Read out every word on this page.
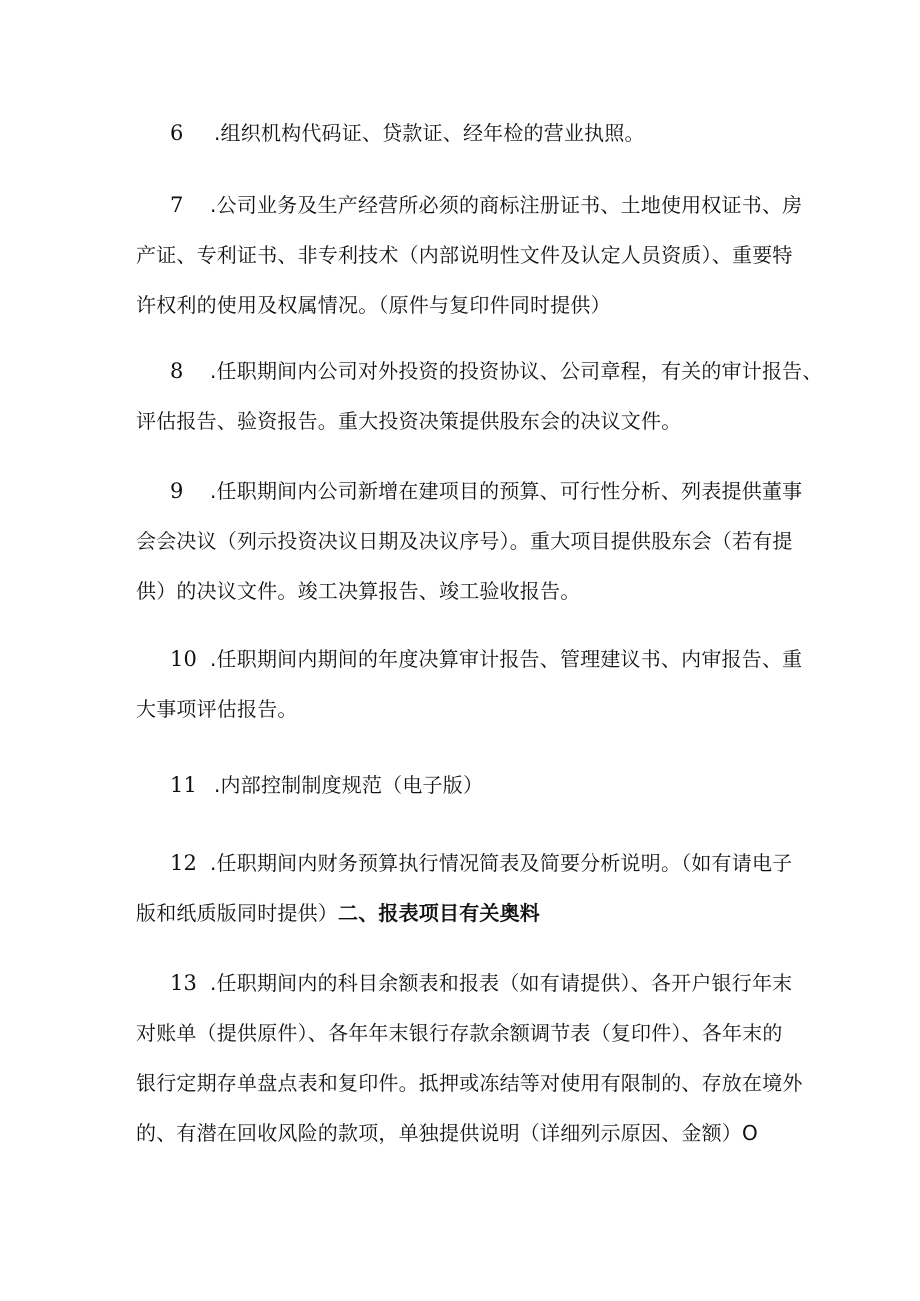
6 .组织机构代码证、贷款证、经年检的营业执照。
7 .公司业务及生产经营所必须的商标注册证书、土地使用权证书、房
产证、专利证书、非专利技术（内部说明性文件及认定人员资质）、重要特
许权利的使用及权属情况。（原件与复印件同时提供）
8 .任职期间内公司对外投资的投资协议、公司章程，有关的审计报告、
评估报告、验资报告。重大投资决策提供股东会的决议文件。
9 .任职期间内公司新增在建项目的预算、可行性分析、列表提供董事
会会决议（列示投资决议日期及决议序号）。重大项目提供股东会（若有提
供）的决议文件。竣工决算报告、竣工验收报告。
10 .任职期间内期间的年度决算审计报告、管理建议书、内审报告、重
大事项评估报告。
11 .内部控制制度规范（电子版）
12 .任职期间内财务预算执行情况简表及简要分析说明。（如有请电子
版和纸质版同时提供）二、报表项目有关奥料
13 .任职期间内的科目余额表和报表（如有请提供）、各开户银行年末
对账单（提供原件）、各年年末银行存款余额调节表（复印件）、各年末的
银行定期存单盘点表和复印件。抵押或冻结等对使用有限制的、存放在境外
的、有潜在回收风险的款项，单独提供说明（详细列示原因、金额）O
